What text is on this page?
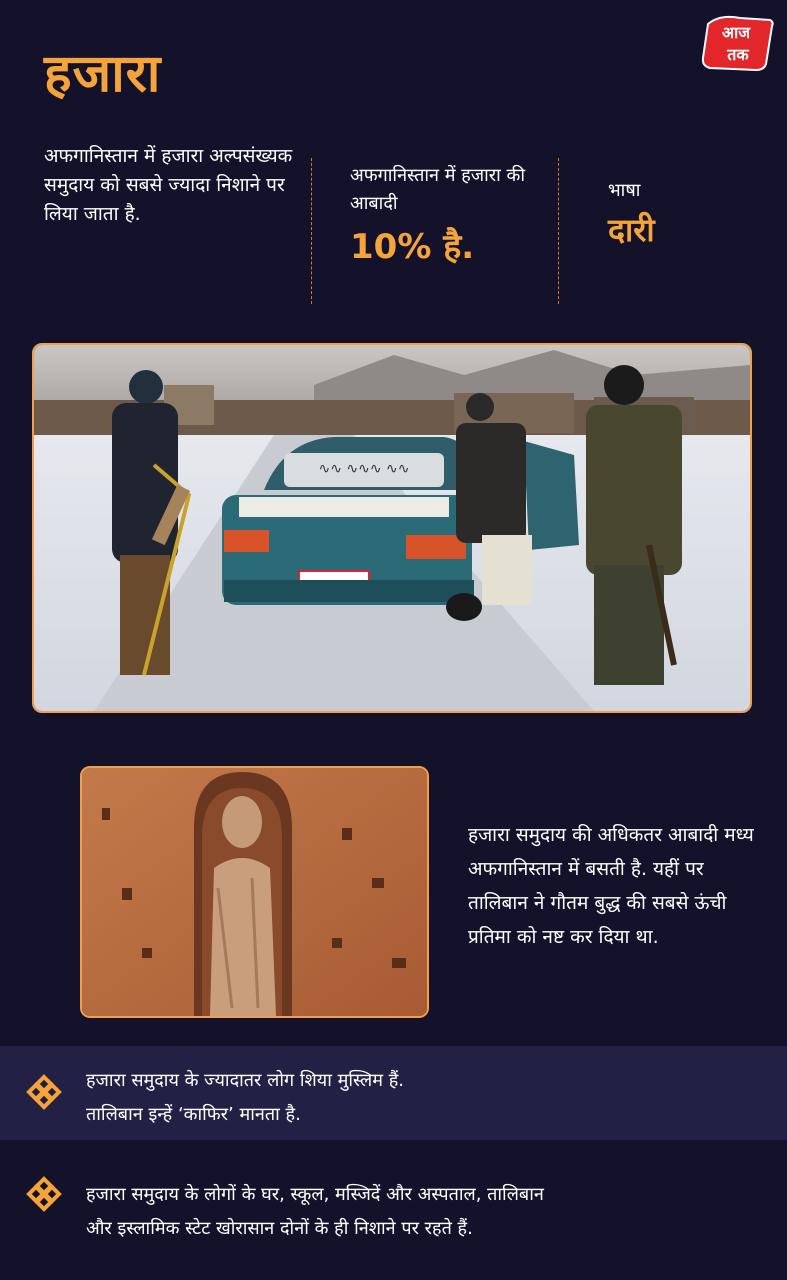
हजारा
आज
तक
अफगानिस्तान में हजारा अल्पसंख्यक समुदाय को सबसे ज्यादा निशाने पर लिया जाता है.
अफगानिस्तान में हजारा की आबादी
10% है.
भाषा
दारी
∿∿ ∿∿∿ ∿∿
हजारा समुदाय की अधिकतर आबादी मध्य अफगानिस्तान में बसती है. यहीं पर तालिबान ने गौतम बुद्ध की सबसे ऊंची प्रतिमा को नष्ट कर दिया था.
हजारा समुदाय के ज्यादातर लोग शिया मुस्लिम हैं.
तालिबान इन्हें ‘काफिर’ मानता है.
हजारा समुदाय के लोगों के घर, स्कूल, मस्जिदें और अस्पताल, तालिबान
और इस्लामिक स्टेट खोरासान दोनों के ही निशाने पर रहते हैं.
